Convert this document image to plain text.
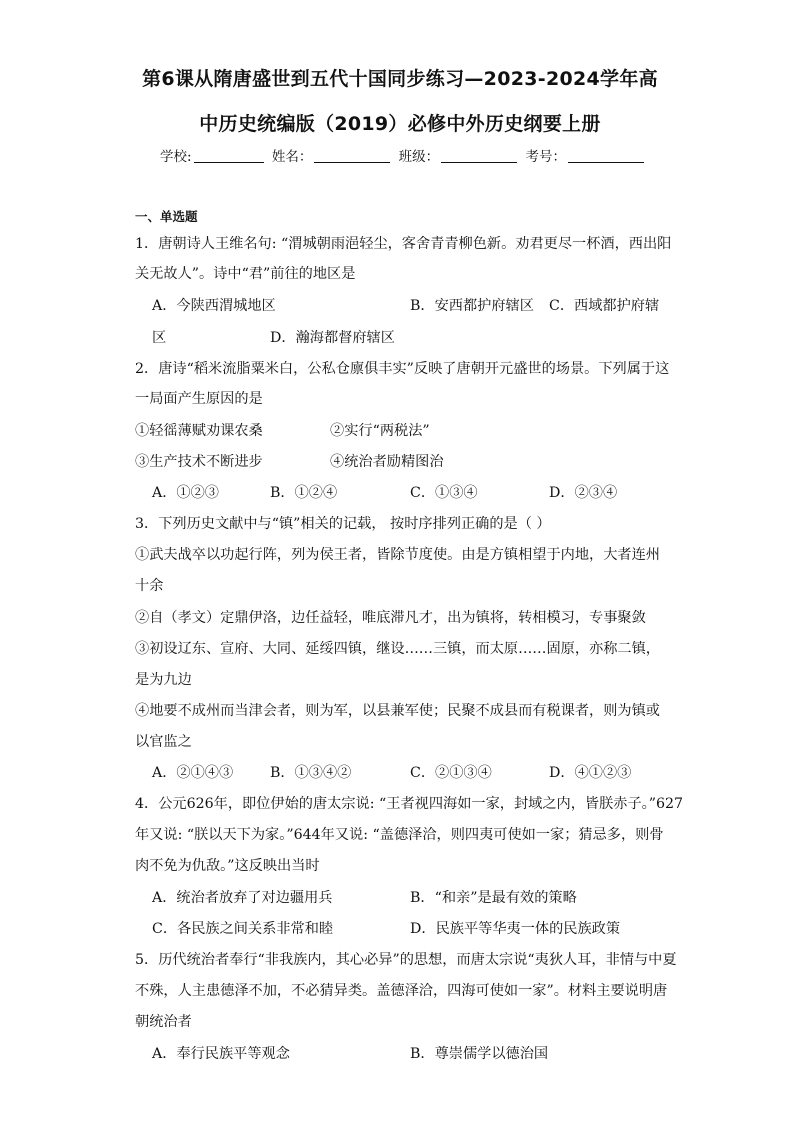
第6课从隋唐盛世到五代十国同步练习—2023-2024学年高
中历史统编版（2019）必修中外历史纲要上册
学校:	姓名：	班级：	考号：
一、单选题
1．唐朝诗人王维名句: “渭城朝雨浥轻尘，客舍青青柳色新。劝君更尽一杯酒，西出阳
关无故人”。诗中“君”前往的地区是
A．今陕西渭城地区	B．安西都护府辖区 C．西域都护府辖
区	D．瀚海都督府辖区
2．唐诗“稻米流脂粟米白，公私仓廪俱丰实”反映了唐朝开元盛世的场景。下列属于这
一局面产生原因的是
①轻徭薄赋劝课农桑	②实行“两税法”
③生产技术不断进步	④统治者励精图治
A．①②③	B．①②④	C．①③④	D．②③④
3．下列历史文献中与“镇”相关的记载， 按时序排列正确的是（ ）
①武夫战卒以功起行阵，列为侯王者，皆除节度使。由是方镇相望于内地，大者连州
十余
②自（孝文）定鼎伊洛，边任益轻，唯底滞凡才，出为镇将，转相模习，专事聚敛
③初设辽东、宣府、大同、延绥四镇，继设……三镇，而太原……固原，亦称二镇，
是为九边
④地要不成州而当津会者，则为军，以县兼军使；民聚不成县而有税课者，则为镇或
以官监之
A．②①④③	B．①③④②	C．②①③④	D．④①②③
4．公元626年，即位伊始的唐太宗说: “王者视四海如一家，封域之内，皆朕赤子。”627
年又说: “朕以天下为家。”644年又说: “盖德泽洽，则四夷可使如一家；猜忌多，则骨
肉不免为仇敌。”这反映出当时
A．统治者放弃了对边疆用兵	B．“和亲”是最有效的策略
C．各民族之间关系非常和睦	D．民族平等华夷一体的民族政策
5．历代统治者奉行“非我族内，其心必异”的思想，而唐太宗说“夷狄人耳，非情与中夏
不殊，人主患德泽不加，不必猜异类。盖德泽洽，四海可使如一家”。材料主要说明唐
朝统治者
A．奉行民族平等观念	B．尊崇儒学以德治国
